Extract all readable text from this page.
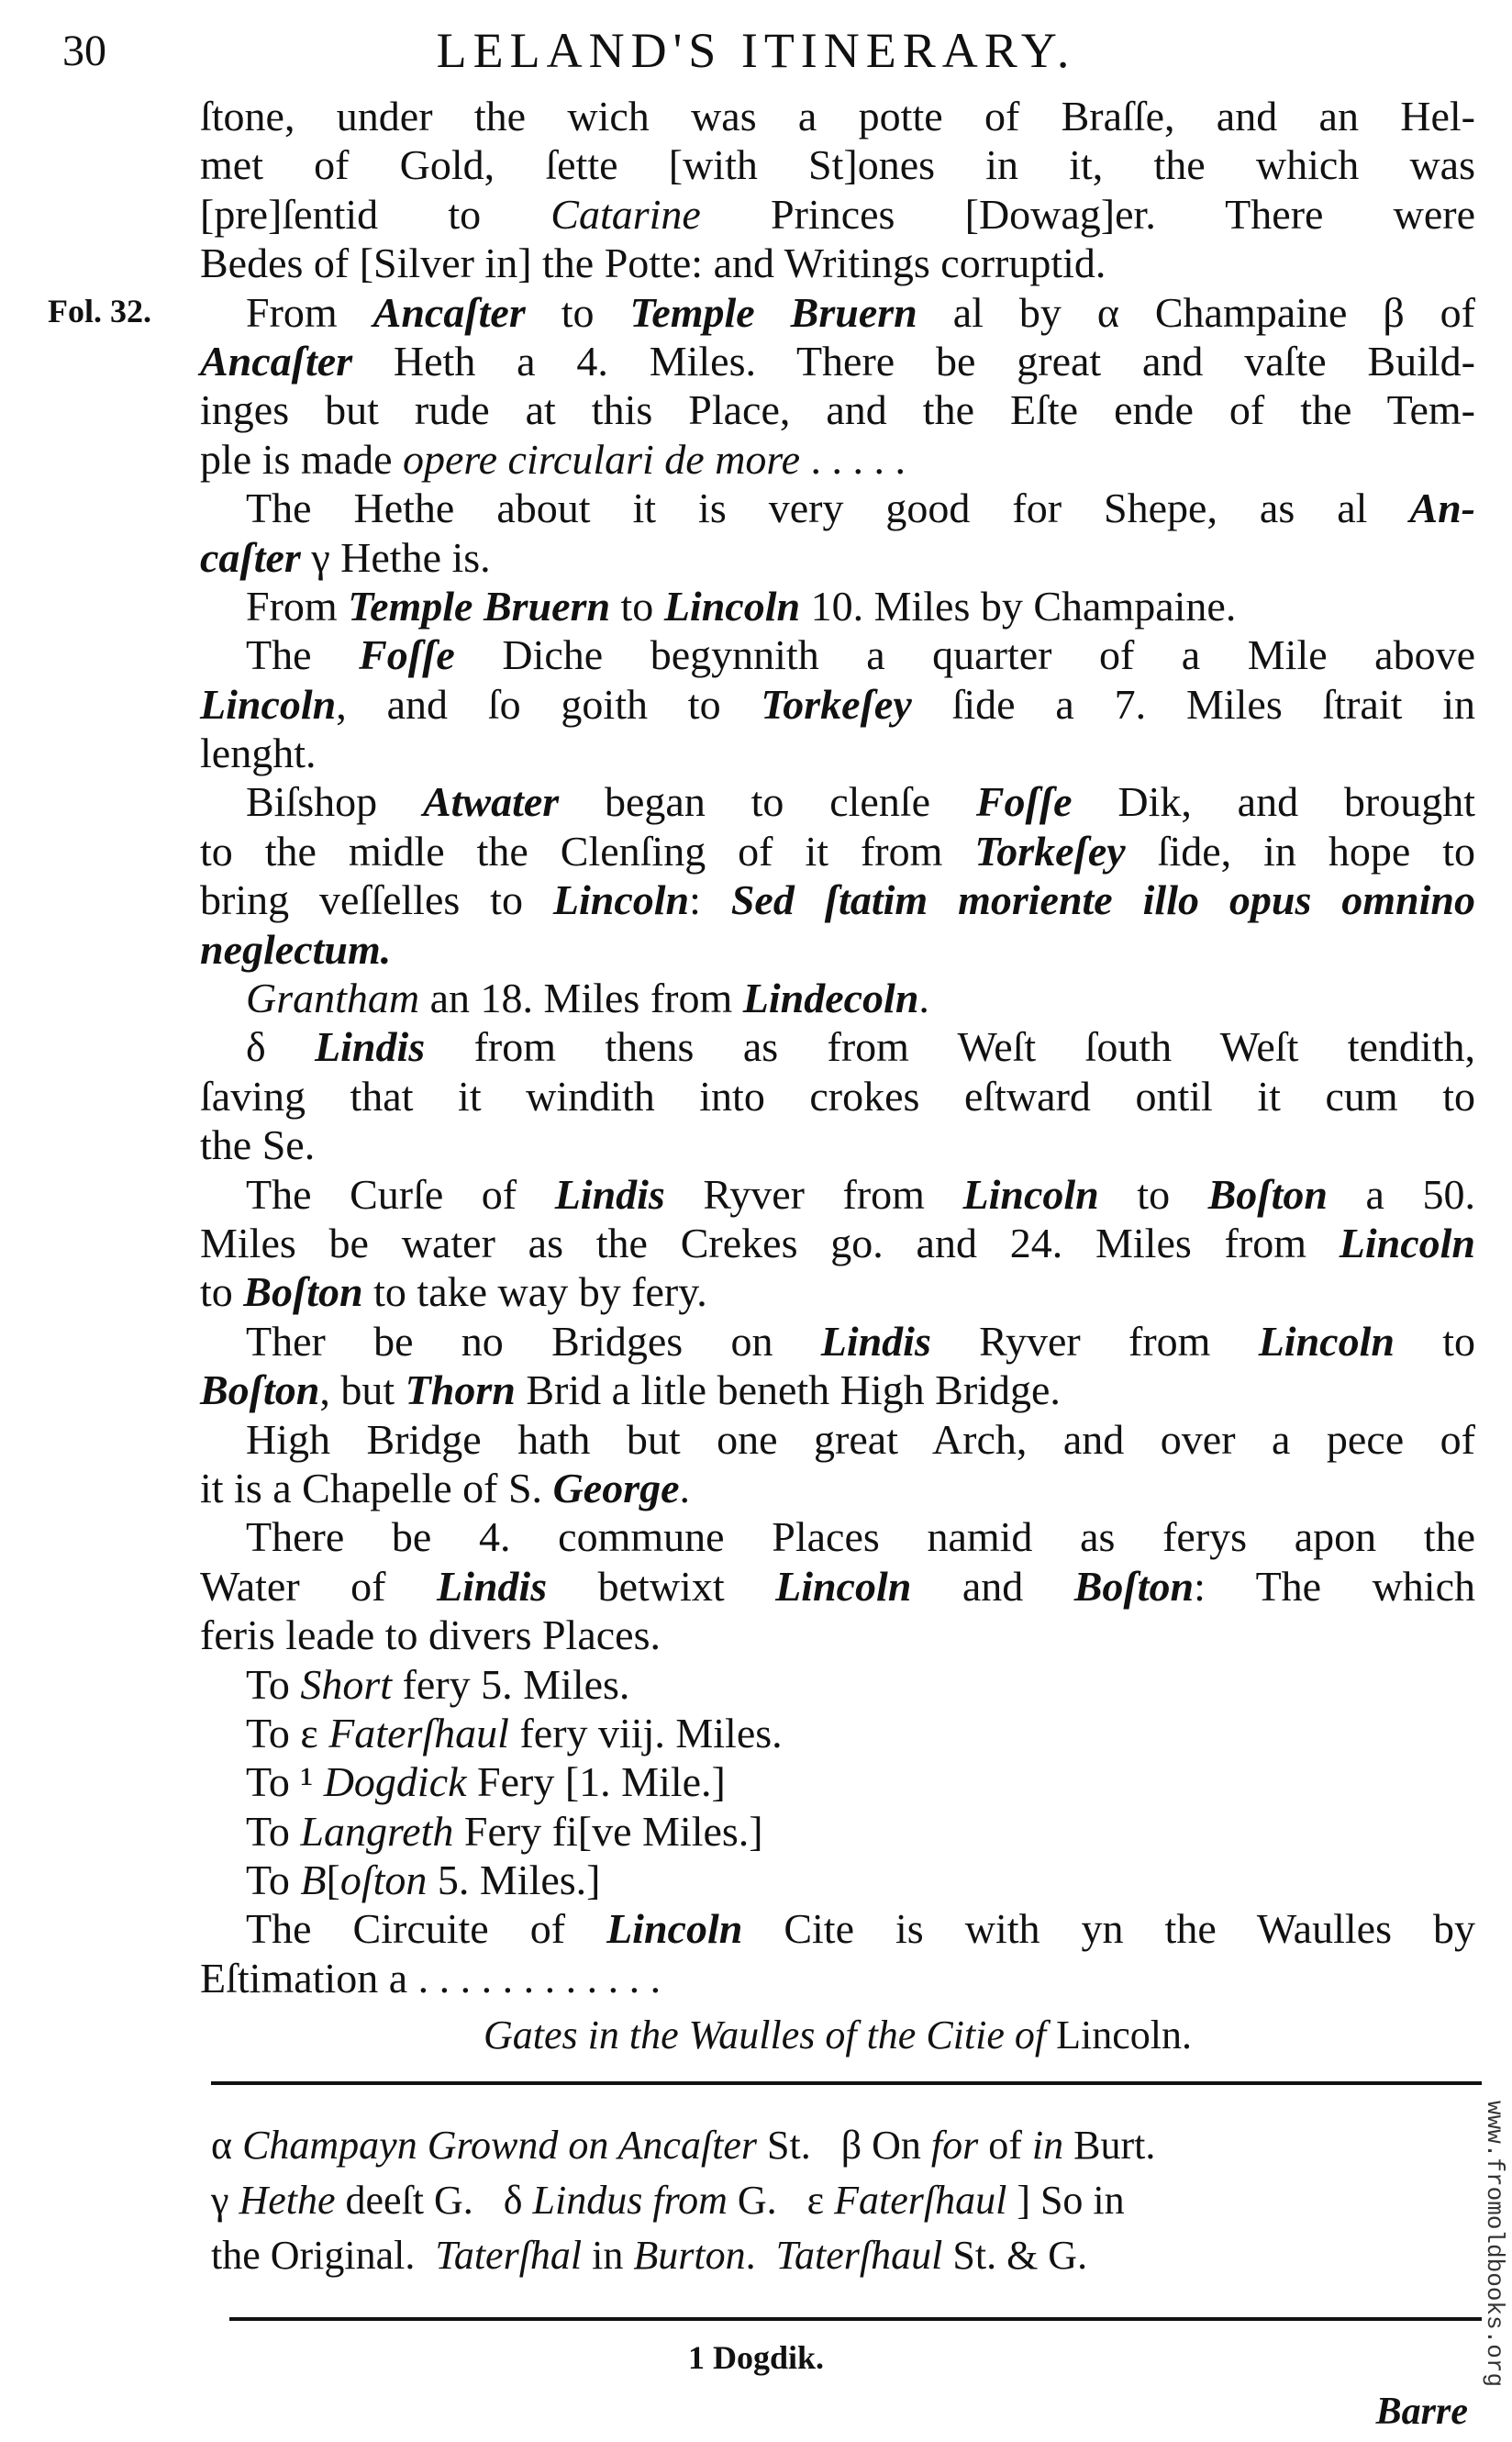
30	LELAND'S ITINERARY.
Fol. 32.
ſtone, under the wich was a potte of Braſſe, and an Hel-
met of Gold, ſette [with St]ones in it, the which was
[pre]ſentid to Catarine Princes [Dowag]er. There were
Bedes of [Silver in] the Potte: and Writings corruptid.
From Ancaſter to Temple Bruern al by α Champaine β of
Ancaſter Heth a 4. Miles. There be great and vaſte Build-
inges but rude at this Place, and the Eſte ende of the Tem-
ple is made opere circulari de more . . . . .
The Hethe about it is very good for Shepe, as al An-
caſter γ Hethe is.
From Temple Bruern to Lincoln 10. Miles by Champaine.
The Foſſe Diche begynnith a quarter of a Mile above
Lincoln, and ſo goith to Torkeſey ſide a 7. Miles ſtrait in
lenght.
Biſshop Atwater began to clenſe Foſſe Dik, and brought
to the midle the Clenſing of it from Torkeſey ſide, in hope to
bring veſſelles to Lincoln: Sed ſtatim moriente illo opus omnino
neglectum.
Grantham an 18. Miles from Lindecoln.
δ Lindis from thens as from Weſt ſouth Weſt tendith,
ſaving that it windith into crokes eſtward ontil it cum to
the Se.
The Curſe of Lindis Ryver from Lincoln to Boſton a 50.
Miles be water as the Crekes go. and 24. Miles from Lincoln
to Boſton to take way by fery.
Ther be no Bridges on Lindis Ryver from Lincoln to
Boſton, but Thorn Brid a litle beneth High Bridge.
High Bridge hath but one great Arch, and over a pece of
it is a Chapelle of S. George.
There be 4. commune Places namid as ferys apon the
Water of Lindis betwixt Lincoln and Boſton: The which
feris leade to divers Places.
To Short fery 5. Miles.
To ε Faterſhaul fery viij. Miles.
To ¹ Dogdick Fery [1. Mile.]
To Langreth Fery fi[ve Miles.]
To B[oſton 5. Miles.]
The Circuite of Lincoln Cite is with yn the Waulles by
Eſtimation a . . . . . . . . . . . .
Gates in the Waulles of the Citie of Lincoln.
α Champayn Grownd on Ancaſter St.   β On for of in Burt.
γ Hethe deeſt G.   δ Lindus from G.   ε Faterſhaul ] So in
the Original.  Taterſhal in Burton.  Taterſhaul St. & G.
1 Dogdik.
Barre
www.fromoldbooks.org
